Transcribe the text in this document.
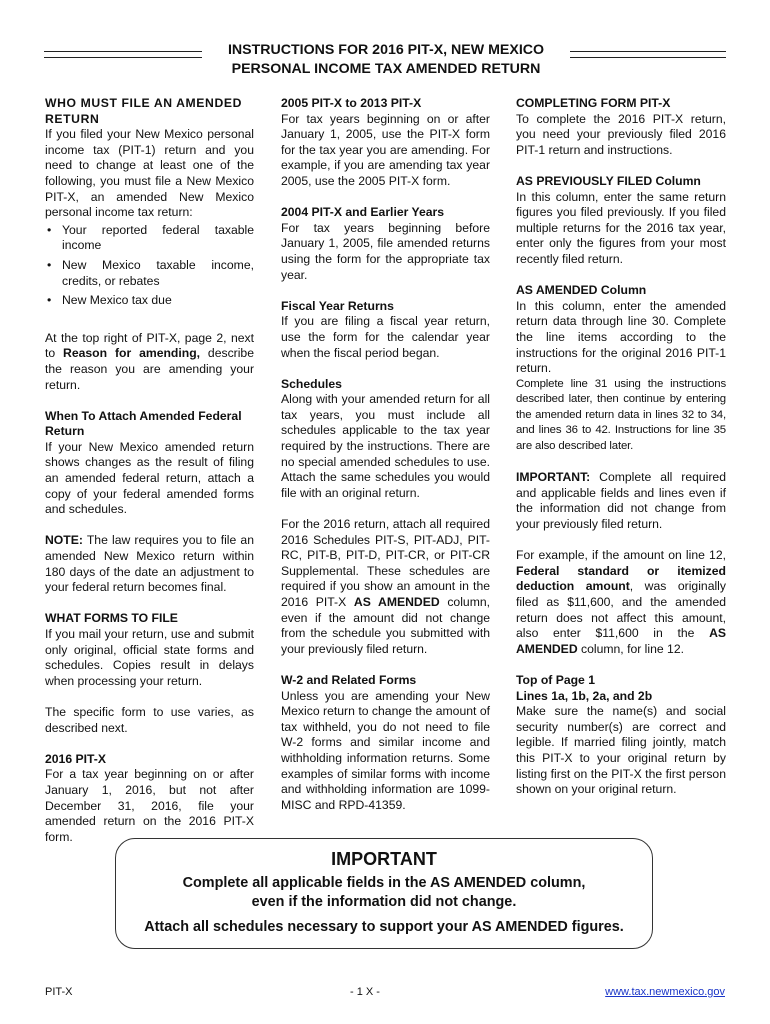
INSTRUCTIONS FOR 2016 PIT-X, NEW MEXICO
PERSONAL INCOME TAX AMENDED RETURN

WHO MUST FILE AN AMENDED RETURN

If you filed your New Mexico personal income tax (PIT-1) return and you need to change at least one of the following, you must file a New Mexico PIT-X, an amended New Mexico personal income tax return:

• Your reported federal taxable income
• New Mexico taxable income, credits, or rebates
• New Mexico tax due

At the top right of PIT-X, page 2, next to Reason for amending, describe the reason you are amending your return.

When To Attach Amended Federal Return

If your New Mexico amended return shows changes as the result of filing an amended federal return, attach a copy of your federal amended forms and schedules.

NOTE: The law requires you to file an amended New Mexico return within 180 days of the date an adjustment to your federal return becomes final.

WHAT FORMS TO FILE

If you mail your return, use and submit only original, official state forms and schedules. Copies result in delays when processing your return.

The specific form to use varies, as described next.

2016 PIT-X

For a tax year beginning on or after January 1, 2016, but not after December 31, 2016, file your amended return on the 2016 PIT-X form.

2005 PIT-X to 2013 PIT-X

For tax years beginning on or after January 1, 2005, use the PIT-X form for the tax year you are amending. For example, if you are amending tax year 2005, use the 2005 PIT-X form.

2004 PIT-X and Earlier Years

For tax years beginning before January 1, 2005, file amended returns using the form for the appropriate tax year.

Fiscal Year Returns

If you are filing a fiscal year return, use the form for the calendar year when the fiscal period began.

Schedules

Along with your amended return for all tax years, you must include all schedules applicable to the tax year required by the instructions. There are no special amended schedules to use. Attach the same schedules you would file with an original return.

For the 2016 return, attach all required 2016 Schedules PIT-S, PIT-ADJ, PIT-RC, PIT-B, PIT-D, PIT-CR, or PIT-CR Supplemental. These schedules are required if you show an amount in the 2016 PIT-X AS AMENDED column, even if the amount did not change from the schedule you submitted with your previously filed return.

W-2 and Related Forms

Unless you are amending your New Mexico return to change the amount of tax withheld, you do not need to file W-2 forms and similar income and withholding information returns. Some examples of similar forms with income and withholding information are 1099-MISC and RPD-41359.

COMPLETING FORM PIT-X

To complete the 2016 PIT-X return, you need your previously filed 2016 PIT-1 return and instructions.

AS PREVIOUSLY FILED Column

In this column, enter the same return figures you filed previously. If you filed multiple returns for the 2016 tax year, enter only the figures from your most recently filed return.

AS AMENDED Column

In this column, enter the amended return data through line 30. Complete the line items according to the instructions for the original 2016 PIT-1 return.

Complete line 31 using the instructions described later, then continue by entering the amended return data in lines 32 to 34, and lines 36 to 42. Instructions for line 35 are also described later.

IMPORTANT: Complete all required and applicable fields and lines even if the information did not change from your previously filed return.

For example, if the amount on line 12, Federal standard or itemized deduction amount, was originally filed as $11,600, and the amended return does not affect this amount, also enter $11,600 in the AS AMENDED column, for line 12.

Top of Page 1

Lines 1a, 1b, 2a, and 2b

Make sure the name(s) and social security number(s) are correct and legible. If married filing jointly, match this PIT-X to your original return by listing first on the PIT-X the first person shown on your original return.

IMPORTANT

Complete all applicable fields in the AS AMENDED column,

even if the information did not change.

Attach all schedules necessary to support your AS AMENDED figures.

PIT-X	- 1 X -	www.tax.newmexico.gov
